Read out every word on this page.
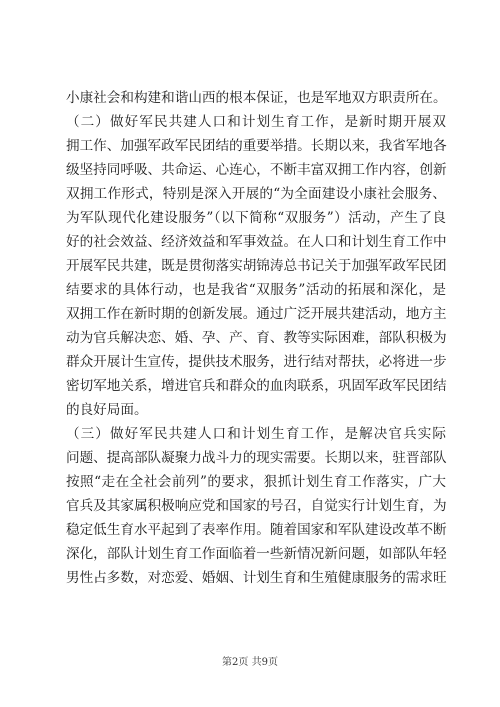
小康社会和构建和谐山西的根本保证，也是军地双方职责所在。
（二）做好军民共建人口和计划生育工作，是新时期开展双
拥工作、加强军政军民团结的重要举措。长期以来，我省军地各
级坚持同呼吸、共命运、心连心，不断丰富双拥工作内容，创新
双拥工作形式，特别是深入开展的“为全面建设小康社会服务、
为军队现代化建设服务”（以下简称“双服务”）活动，产生了良
好的社会效益、经济效益和军事效益。在人口和计划生育工作中
开展军民共建，既是贯彻落实胡锦涛总书记关于加强军政军民团
结要求的具体行动，也是我省“双服务”活动的拓展和深化，是
双拥工作在新时期的创新发展。通过广泛开展共建活动，地方主
动为官兵解决恋、婚、孕、产、育、教等实际困难，部队积极为
群众开展计生宣传，提供技术服务，进行结对帮扶，必将进一步
密切军地关系，增进官兵和群众的血肉联系，巩固军政军民团结
的良好局面。
（三）做好军民共建人口和计划生育工作，是解决官兵实际
问题、提高部队凝聚力战斗力的现实需要。长期以来，驻晋部队
按照“走在全社会前列”的要求，狠抓计划生育工作落实，广大
官兵及其家属积极响应党和国家的号召，自觉实行计划生育，为
稳定低生育水平起到了表率作用。随着国家和军队建设改革不断
深化，部队计划生育工作面临着一些新情况新问题，如部队年轻
男性占多数，对恋爱、婚姻、计划生育和生殖健康服务的需求旺
第2页 共9页
